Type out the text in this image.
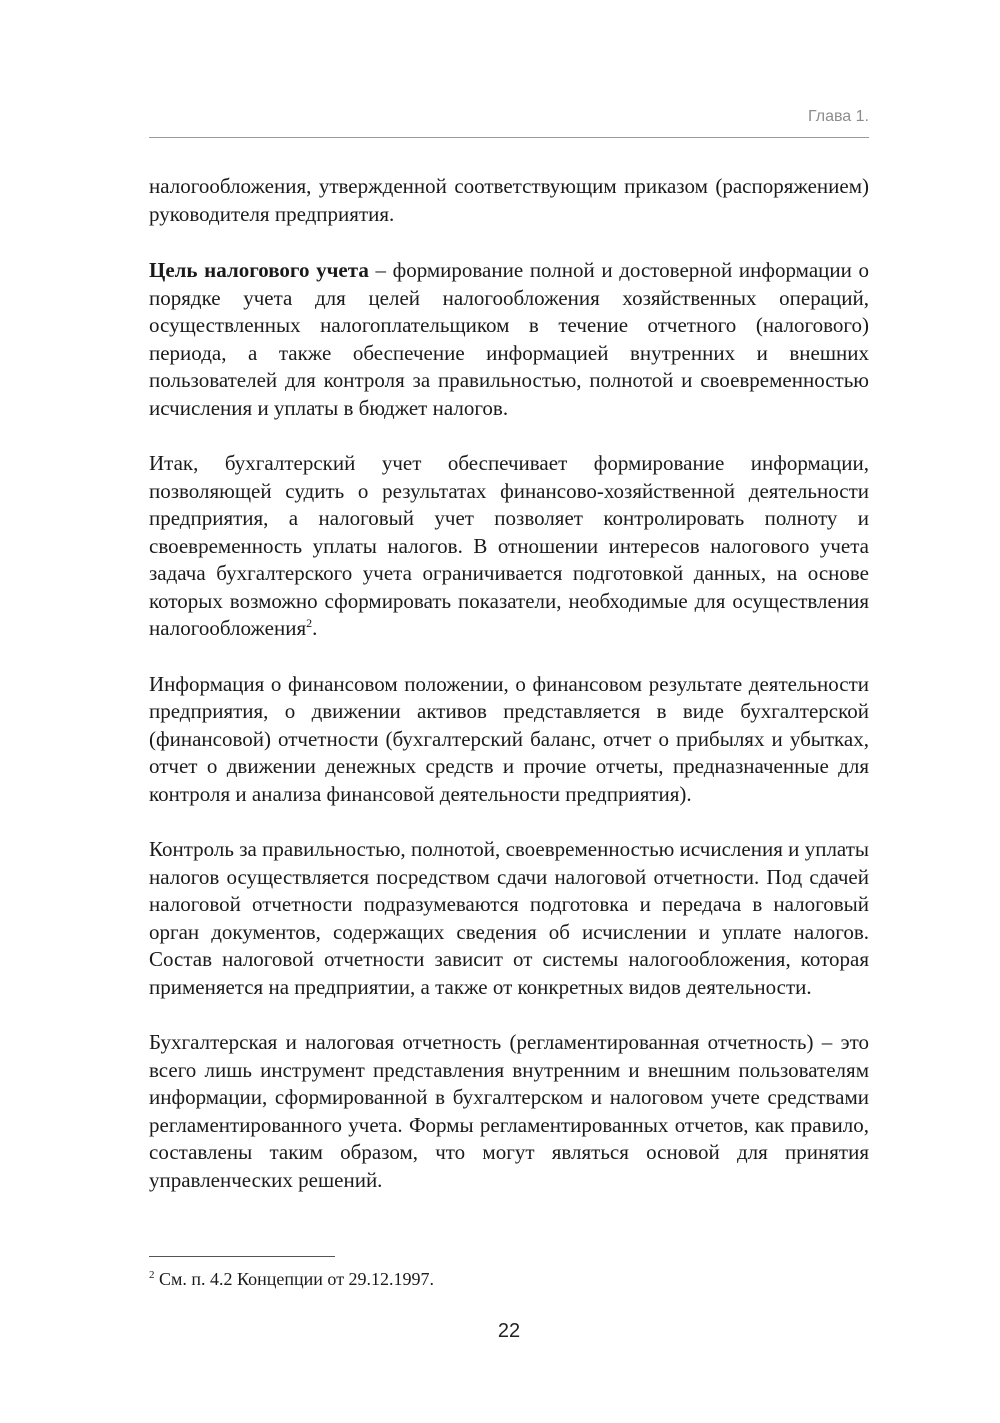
Глава 1.

налогообложения, утвержденной соответствующим приказом (распоряжением) руководителя предприятия.

Цель налогового учета – формирование полной и достоверной информации о порядке учета для целей налогообложения хозяйственных операций, осуществленных налогоплательщиком в течение отчетного (налогового) периода, а также обеспечение информацией внутренних и внешних пользователей для контроля за правильностью, полнотой и своевременностью исчисления и уплаты в бюджет налогов.

Итак, бухгалтерский учет обеспечивает формирование информации, позволяющей судить о результатах финансово-хозяйственной деятельности предприятия, а налоговый учет позволяет контролировать полноту и своевременность уплаты налогов. В отношении интересов налогового учета задача бухгалтерского учета ограничивается подготовкой данных, на основе которых возможно сформировать показатели, необходимые для осуществления налогообложения$^2$.

Информация о финансовом положении, о финансовом результате деятельности предприятия, о движении активов представляется в виде бухгалтерской (финансовой) отчетности (бухгалтерский баланс, отчет о прибылях и убытках, отчет о движении денежных средств и прочие отчеты, предназначенные для контроля и анализа финансовой деятельности предприятия).

Контроль за правильностью, полнотой, своевременностью исчисления и уплаты налогов осуществляется посредством сдачи налоговой отчетности. Под сдачей налоговой отчетности подразумеваются подготовка и передача в налоговый орган документов, содержащих сведения об исчислении и уплате налогов. Состав налоговой отчетности зависит от системы налогообложения, которая применяется на предприятии, а также от конкретных видов деятельности.

Бухгалтерская и налоговая отчетность (регламентированная отчетность) – это всего лишь инструмент представления внутренним и внешним пользователям информации, сформированной в бухгалтерском и налоговом учете средствами регламентированного учета. Формы регламентированных отчетов, как правило, составлены таким образом, что могут являться основой для принятия управленческих решений.

$^2$ См. п. 4.2 Концепции от 29.12.1997.
22
